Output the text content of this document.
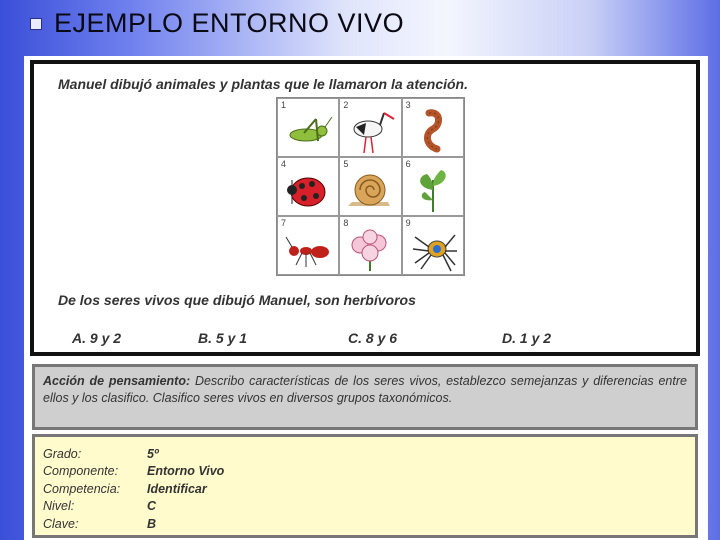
EJEMPLO ENTORNO VIVO
Manuel dibujó animales y plantas que le llamaron la atención.
1	2	3
4	5	6
7	8	9
De los seres vivos que dibujó Manuel, son herbívoros
A. 9 y 2	B. 5 y 1	C. 8 y 6	D. 1 y 2
Acción de pensamiento: Describo características de los seres vivos, establezco semejanzas y diferencias entre ellos y los clasifico. Clasifico seres vivos en diversos grupos taxonómicos.
Grado:	5º
Componente:	Entorno Vivo
Competencia:	Identificar
Nivel:	C
Clave:	B
